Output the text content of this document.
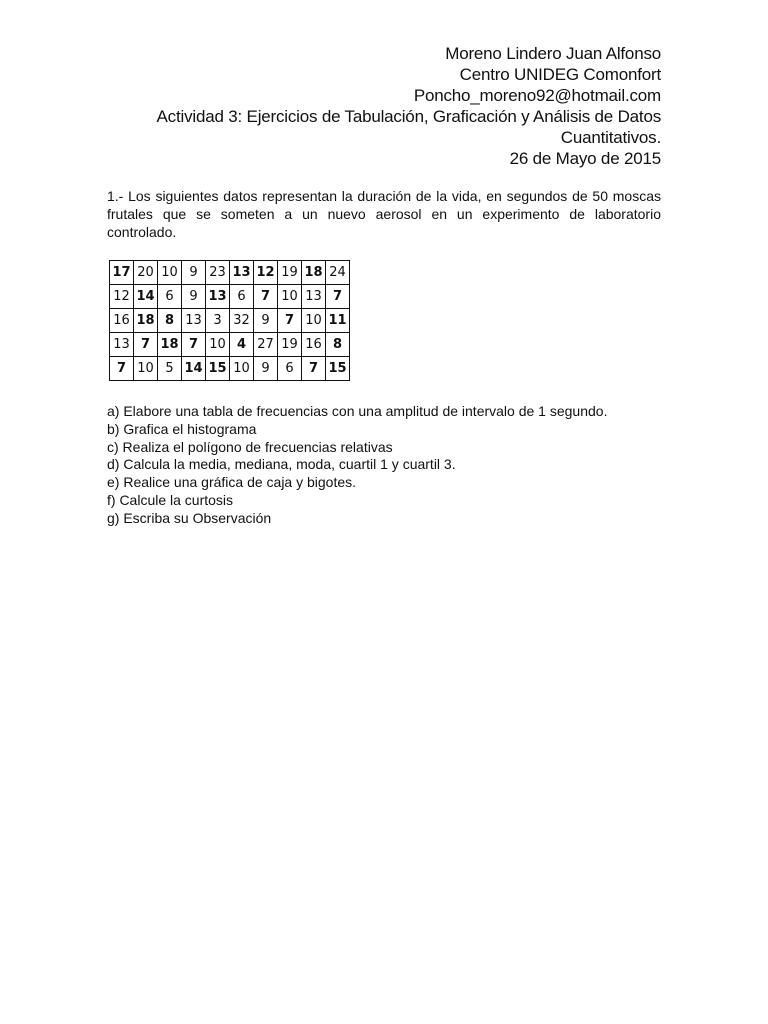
Moreno Lindero Juan Alfonso
Centro UNIDEG Comonfort
Poncho_moreno92@hotmail.com
Actividad 3: Ejercicios de Tabulación, Graficación y Análisis de Datos Cuantitativos.
26 de Mayo de 2015

1.- Los siguientes datos representan la duración de la vida, en segundos de 50 moscas frutales que se someten a un nuevo aerosol en un experimento de laboratorio controlado.

17	20	10	9	23	13	12	19	18	24
12	14	6	9	13	6	7	10	13	7
16	18	8	13	3	32	9	7	10	11
13	7	18	7	10	4	27	19	16	8
7	10	5	14	15	10	9	6	7	15
a) Elabore una tabla de frecuencias con una amplitud de intervalo de 1 segundo.
b) Grafica el histograma
c) Realiza el polígono de frecuencias relativas
d) Calcula la media, mediana, moda, cuartil 1 y cuartil 3.
e) Realice una gráfica de caja y bigotes.
f) Calcule la curtosis
g) Escriba su Observación
